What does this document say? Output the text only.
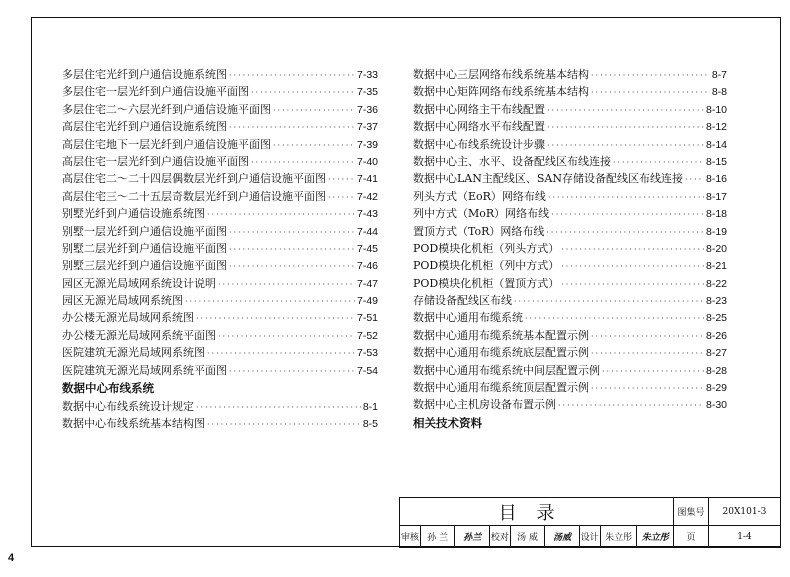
多层住宅光纤到户通信设施系统图 ·····	7-33
多层住宅一层光纤到户通信设施平面图 ·····	7-35
多层住宅二～六层光纤到户通信设施平面图 ·····	7-36
高层住宅光纤到户通信设施系统图 ·····	7-37
高层住宅地下一层光纤到户通信设施平面图 ·····	7-39
高层住宅一层光纤到户通信设施平面图 ·····	7-40
高层住宅二～二十四层偶数层光纤到户通信设施平面图 ·····	7-41
高层住宅三～二十五层奇数层光纤到户通信设施平面图 ·····	7-42
别墅光纤到户通信设施系统图 ·····	7-43
别墅一层光纤到户通信设施平面图 ·····	7-44
别墅二层光纤到户通信设施平面图 ·····	7-45
别墅三层光纤到户通信设施平面图 ·····	7-46
园区无源光局域网系统设计说明 ·····	7-47
园区无源光局域网系统图 ·····	7-49
办公楼无源光局域网系统图 ·····	7-51
办公楼无源光局域网系统平面图 ·····	7-52
医院建筑无源光局域网系统图 ·····	7-53
医院建筑无源光局域网系统平面图 ·····	7-54
数据中心布线系统
数据中心布线系统设计规定 ·····	8-1
数据中心布线系统基本结构图 ·····	8-5
数据中心三层网络布线系统基本结构 ·····	8-7
数据中心矩阵网络布线系统基本结构 ·····	8-8
数据中心网络主干布线配置 ·····	8-10
数据中心网络水平布线配置 ·····	8-12
数据中心布线系统设计步骤 ·····	8-14
数据中心主、水平、设备配线区布线连接 ·····	8-15
数据中心LAN主配线区、SAN存储设备配线区布线连接 ····· 8-16
列头方式（EoR）网络布线 ·····	8-17
列中方式（MoR）网络布线 ·····	8-18
置顶方式（ToR）网络布线 ·····	8-19
POD模块化机柜（列头方式） ·····	8-20
POD模块化机柜（列中方式） ·····	8-21
POD模块化机柜（置顶方式） ·····	8-22
存储设备配线区布线 ·····	8-23
数据中心通用布缆系统 ·····	8-25
数据中心通用布缆系统基本配置示例 ·····	8-26
数据中心通用布缆系统底层配置示例 ·····	8-27
数据中心通用布缆系统中间层配置示例 ·····	8-28
数据中心通用布缆系统顶层配置示例 ·····	8-29
数据中心主机房设备布置示例 ·····	8-30
相关技术资料
目录									图集号	20X101-3
审核	孙 兰	孙兰	校对	汤 威	汤威	设计	朱立彤	朱立彤	页	1-4
4
